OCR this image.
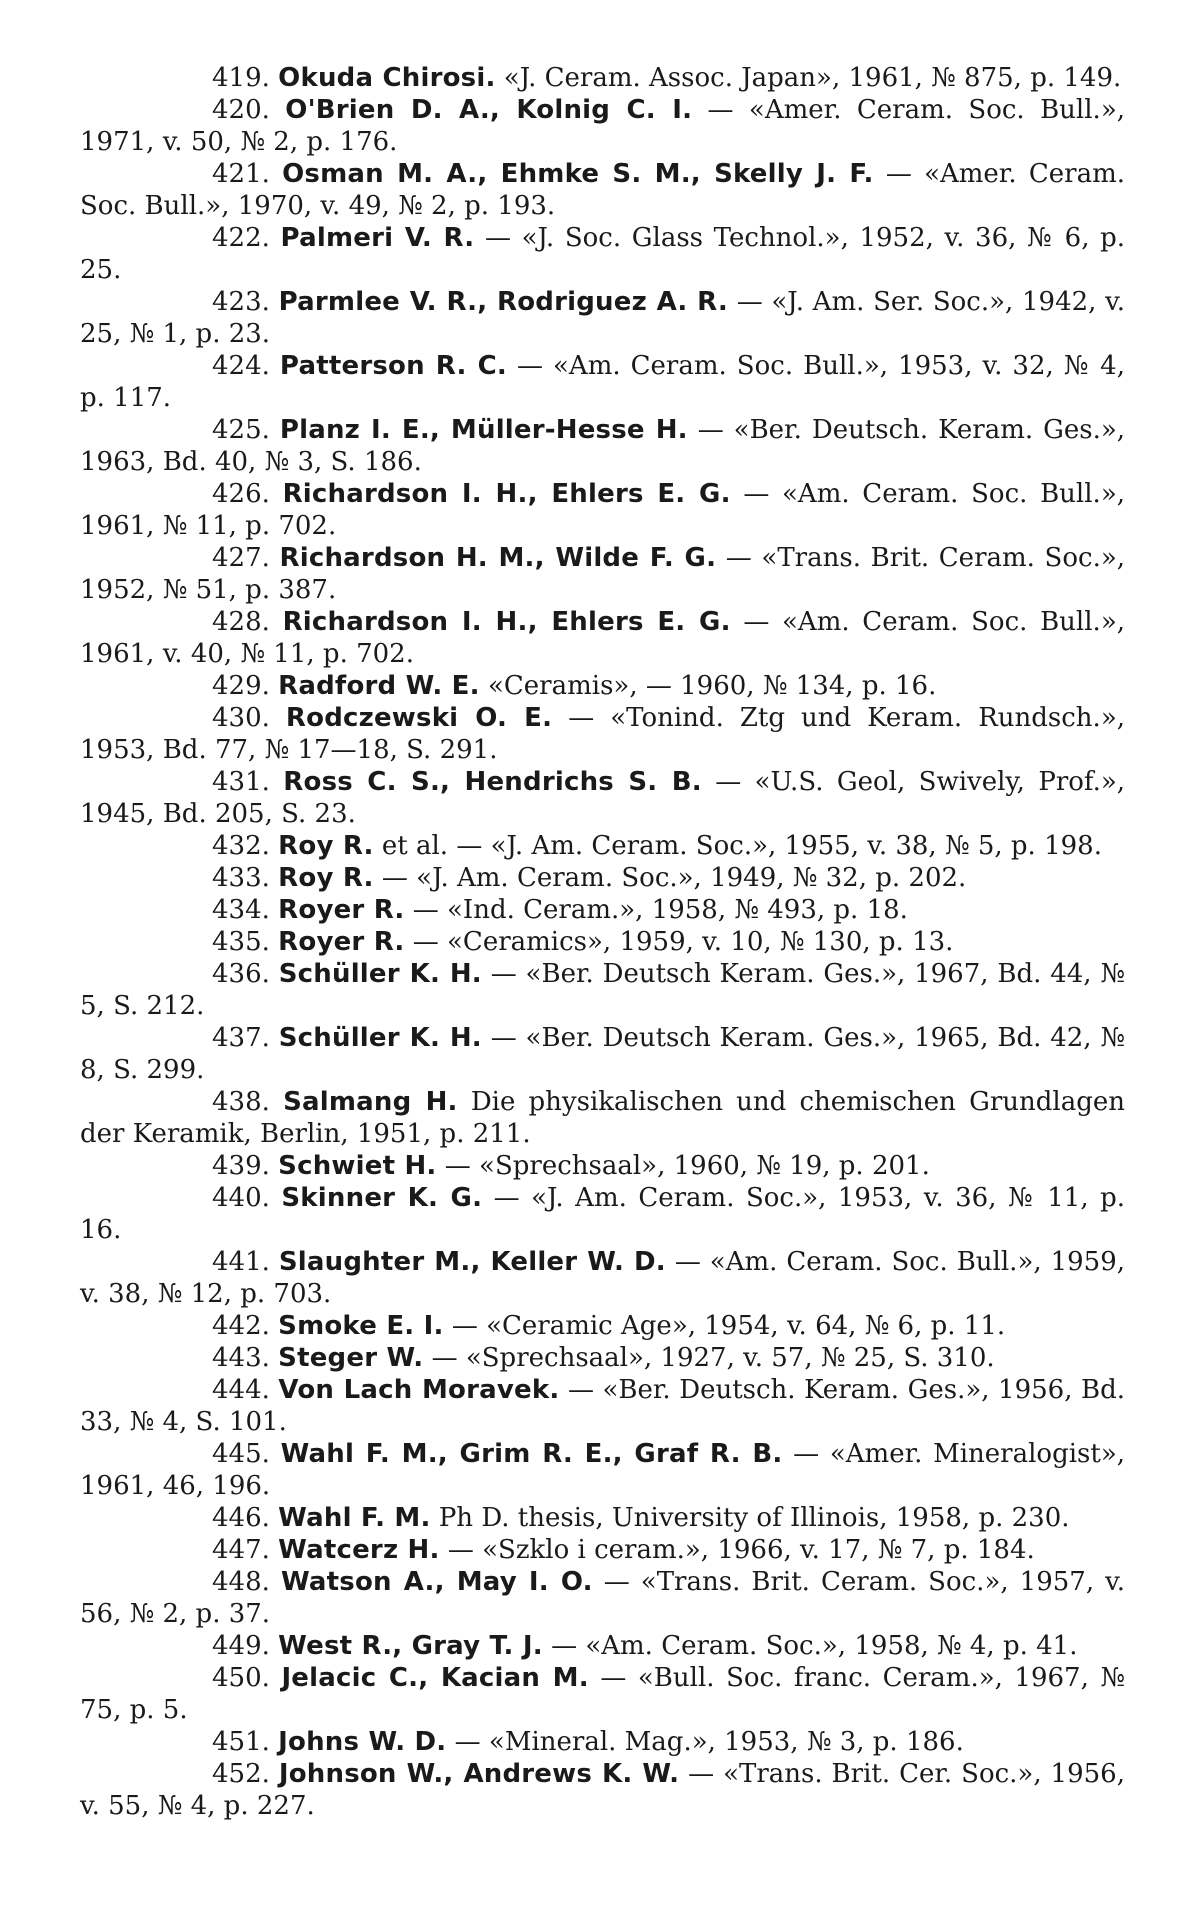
419. Okuda Chirosi. «J. Ceram. Assoc. Japan», 1961, № 875, p. 149.

420. O'Brien D. A., Kolnig C. I. — «Amer. Ceram. Soc. Bull.», 1971, v. 50, № 2, p. 176.

421. Osman M. A., Ehmke S. M., Skelly J. F. — «Amer. Ceram. Soc. Bull.», 1970, v. 49, № 2, p. 193.

422. Palmeri V. R. — «J. Soc. Glass Technol.», 1952, v. 36, № 6, p. 25.

423. Parmlee V. R., Rodriguez A. R. — «J. Am. Ser. Soc.», 1942, v. 25, № 1, p. 23.

424. Patterson R. C. — «Am. Ceram. Soc. Bull.», 1953, v. 32, № 4, p. 117.

425. Planz I. E., Müller-Hesse H. — «Ber. Deutsch. Keram. Ges.», 1963, Bd. 40, № 3, S. 186.

426. Richardson I. H., Ehlers E. G. — «Am. Ceram. Soc. Bull.», 1961, № 11, p. 702.

427. Richardson H. M., Wilde F. G. — «Trans. Brit. Ceram. Soc.», 1952, № 51, p. 387.

428. Richardson I. H., Ehlers E. G. — «Am. Ceram. Soc. Bull.», 1961, v. 40, № 11, p. 702.

429. Radford W. E. «Ceramis», — 1960, № 134, p. 16.

430. Rodczewski O. E. — «Tonind. Ztg und Keram. Rundsch.», 1953, Bd. 77, № 17—18, S. 291.

431. Ross C. S., Hendrichs S. B. — «U.S. Geol, Swively, Prof.», 1945, Bd. 205, S. 23.

432. Roy R. et al. — «J. Am. Ceram. Soc.», 1955, v. 38, № 5, p. 198.

433. Roy R. — «J. Am. Ceram. Soc.», 1949, № 32, p. 202.

434. Royer R. — «Ind. Ceram.», 1958, № 493, p. 18.

435. Royer R. — «Ceramics», 1959, v. 10, № 130, p. 13.

436. Schüller K. H. — «Ber. Deutsch Keram. Ges.», 1967, Bd. 44, № 5, S. 212.

437. Schüller K. H. — «Ber. Deutsch Keram. Ges.», 1965, Bd. 42, № 8, S. 299.

438. Salmang H. Die physikalischen und chemischen Grundlagen der Keramik, Berlin, 1951, p. 211.

439. Schwiet H. — «Sprechsaal», 1960, № 19, p. 201.

440. Skinner K. G. — «J. Am. Ceram. Soc.», 1953, v. 36, № 11, p. 16.

441. Slaughter M., Keller W. D. — «Am. Ceram. Soc. Bull.», 1959, v. 38, № 12, p. 703.

442. Smoke E. I. — «Ceramic Age», 1954, v. 64, № 6, p. 11.

443. Steger W. — «Sprechsaal», 1927, v. 57, № 25, S. 310.

444. Von Lach Moravek. — «Ber. Deutsch. Keram. Ges.», 1956, Bd. 33, № 4, S. 101.

445. Wahl F. M., Grim R. E., Graf R. B. — «Amer. Mineralogist», 1961, 46, 196.

446. Wahl F. M. Ph D. thesis, University of Illinois, 1958, p. 230.

447. Watcerz H. — «Szklo i ceram.», 1966, v. 17, № 7, p. 184.

448. Watson A., May I. O. — «Trans. Brit. Ceram. Soc.», 1957, v. 56, № 2, p. 37.

449. West R., Gray T. J. — «Am. Ceram. Soc.», 1958, № 4, p. 41.

450. Jelacic C., Kacian M. — «Bull. Soc. franc. Ceram.», 1967, № 75, p. 5.

451. Johns W. D. — «Mineral. Mag.», 1953, № 3, p. 186.

452. Johnson W., Andrews K. W. — «Trans. Brit. Cer. Soc.», 1956, v. 55, № 4, p. 227.
